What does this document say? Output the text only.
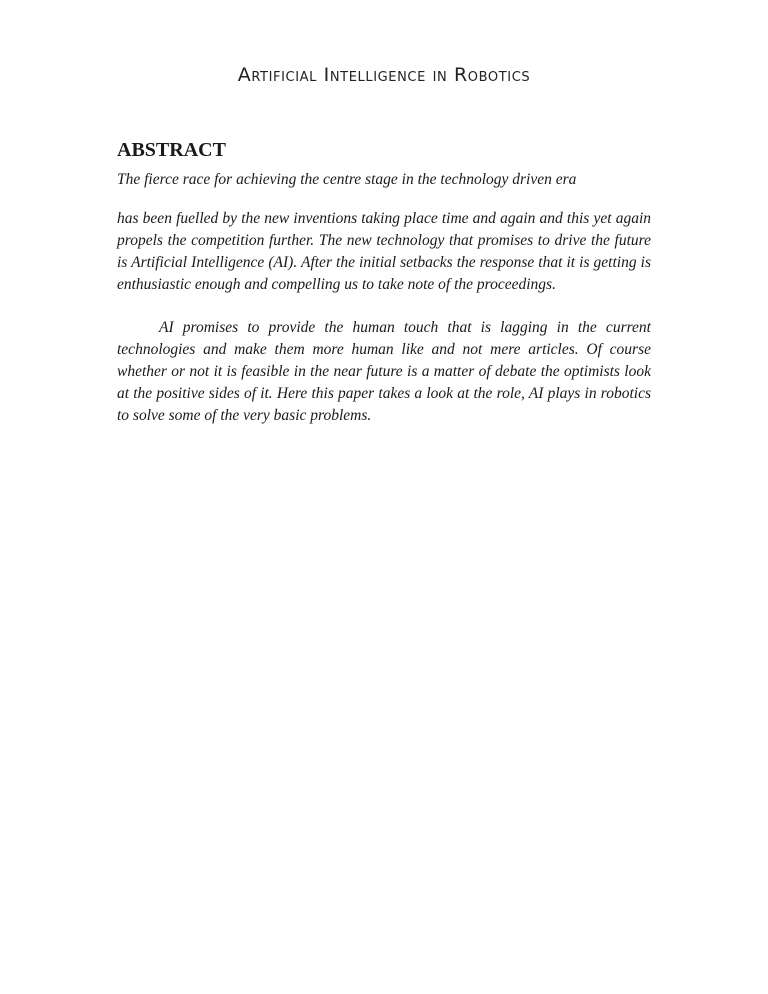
Artificial Intelligence in Robotics
ABSTRACT

The fierce race for achieving the centre stage in the technology driven era

has been fuelled by the new inventions taking place time and again and this yet again propels the competition further. The new technology that promises to drive the future is Artificial Intelligence (AI). After the initial setbacks the response that it is getting is enthusiastic enough and compelling us to take note of the proceedings.

AI promises to provide the human touch that is lagging in the current technologies and make them more human like and not mere articles. Of course whether or not it is feasible in the near future is a matter of debate the optimists look at the positive sides of it. Here this paper takes a look at the role, AI plays in robotics to solve some of the very basic problems.
